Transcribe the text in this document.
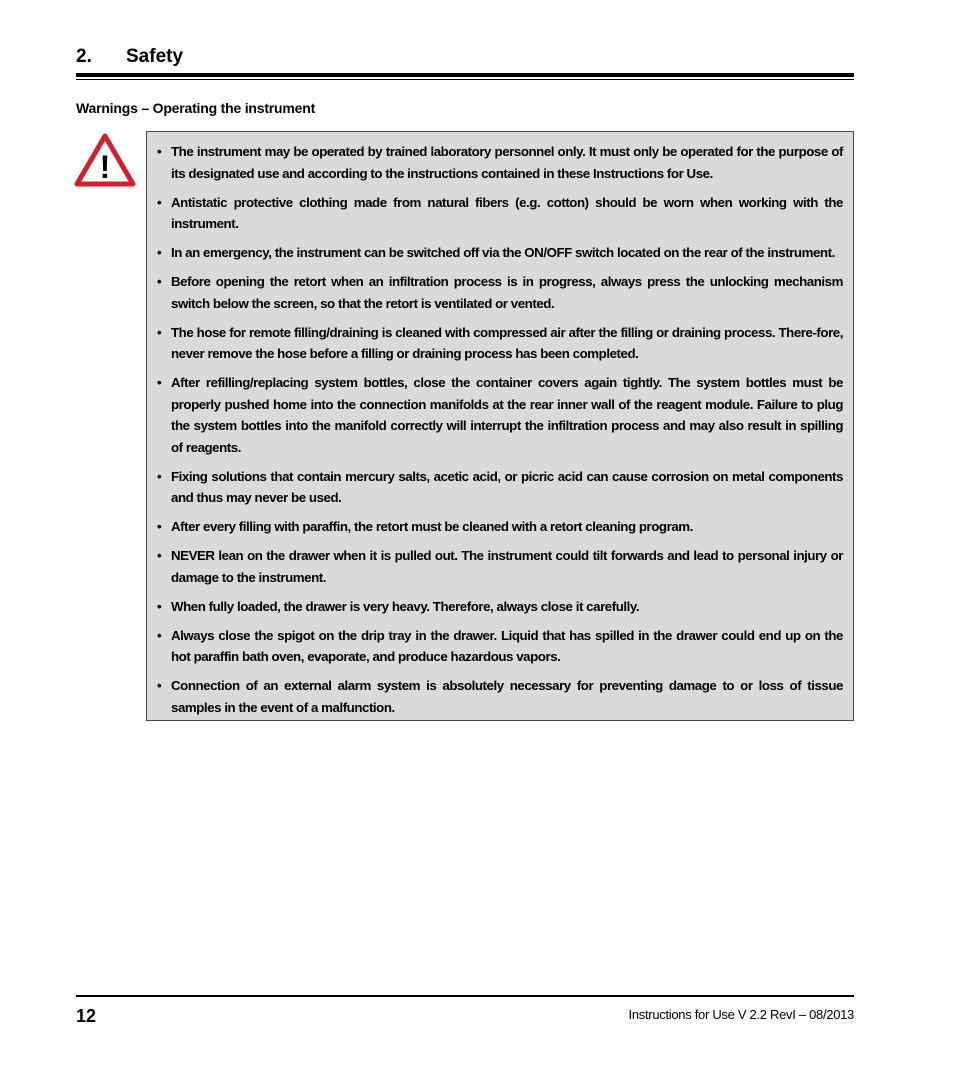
2. Safety
Warnings – Operating the instrument
!
•	The instrument may be operated by trained laboratory personnel only. It must only be operated for the purpose of its designated use and according to the instructions contained in these Instructions for Use.
• Antistatic protective clothing made from natural fibers (e.g. cotton) should be worn when working with the instrument.
• In an emergency, the instrument can be switched off via the ON/OFF switch located on the rear of the instrument.
• Before opening the retort when an infiltration process is in progress, always press the unlocking mechanism switch below the screen, so that the retort is ventilated or vented.
• The hose for remote filling/draining is cleaned with compressed air after the filling or draining process. There-fore, never remove the hose before a filling or draining process has been completed.
• After refilling/replacing system bottles, close the container covers again tightly. The system bottles must be properly pushed home into the connection manifolds at the rear inner wall of the reagent module. Failure to plug the system bottles into the manifold correctly will interrupt the infiltration process and may also result in spilling of reagents.
• Fixing solutions that contain mercury salts, acetic acid, or picric acid can cause corrosion on metal components and thus may never be used.
• After every filling with paraffin, the retort must be cleaned with a retort cleaning program.
• NEVER lean on the drawer when it is pulled out. The instrument could tilt forwards and lead to personal injury or damage to the instrument.
• When fully loaded, the drawer is very heavy. Therefore, always close it carefully.
• Always close the spigot on the drip tray in the drawer. Liquid that has spilled in the drawer could end up on the hot paraffin bath oven, evaporate, and produce hazardous vapors.
• Connection of an external alarm system is absolutely necessary for preventing damage to or loss of tissue samples in the event of a malfunction.
12	Instructions for Use V 2.2 RevI – 08/2013
